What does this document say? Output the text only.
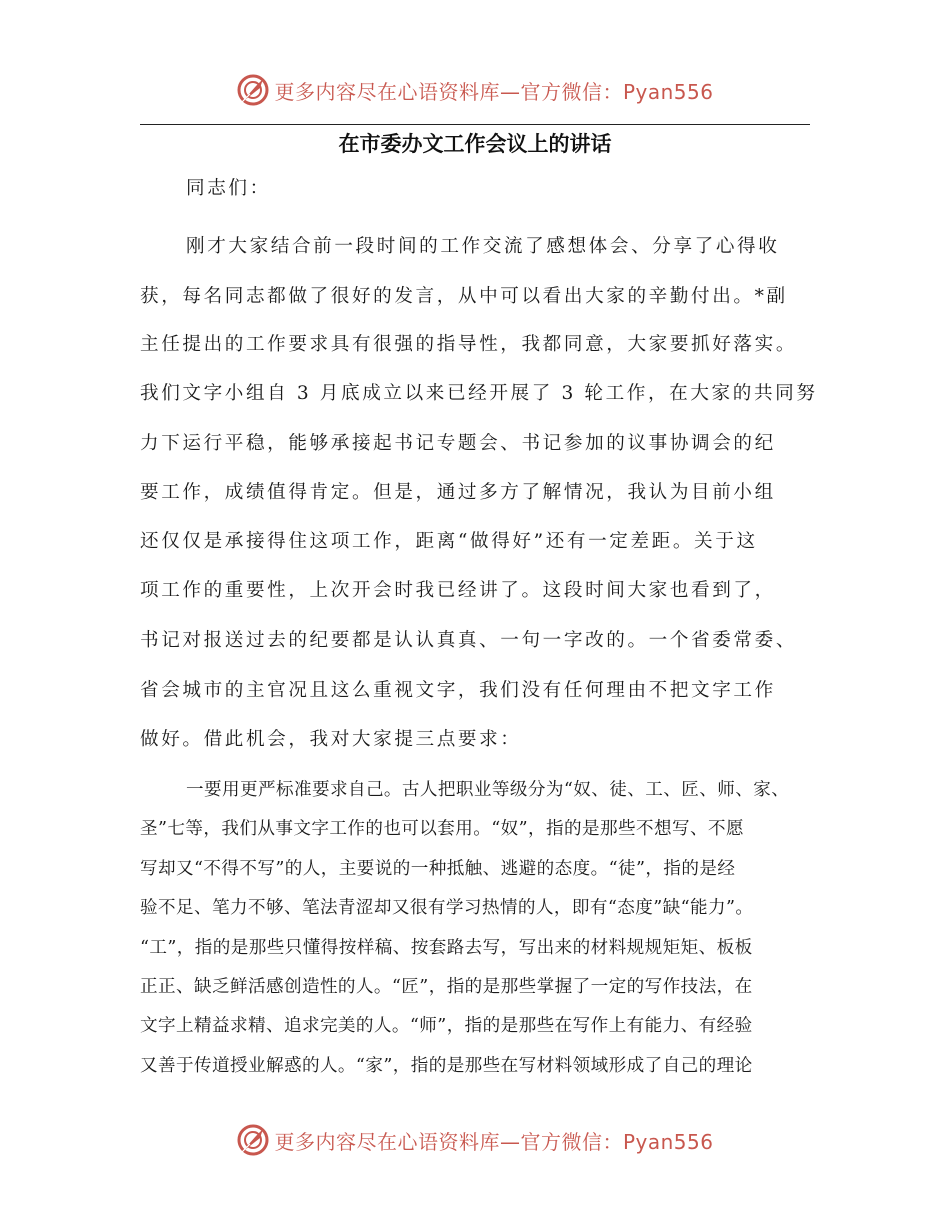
更多内容尽在心语资料库—官方微信：Pyan556
在市委办文工作会议上的讲话
同志们：
刚才大家结合前一段时间的工作交流了感想体会、分享了心得收
获，每名同志都做了很好的发言，从中可以看出大家的辛勤付出。*副
主任提出的工作要求具有很强的指导性，我都同意，大家要抓好落实。
我们文字小组自 3 月底成立以来已经开展了 3 轮工作，在大家的共同努
力下运行平稳，能够承接起书记专题会、书记参加的议事协调会的纪
要工作，成绩值得肯定。但是，通过多方了解情况，我认为目前小组
还仅仅是承接得住这项工作，距离“做得好”还有一定差距。关于这
项工作的重要性，上次开会时我已经讲了。这段时间大家也看到了，
书记对报送过去的纪要都是认认真真、一句一字改的。一个省委常委、
省会城市的主官况且这么重视文字，我们没有任何理由不把文字工作
做好。借此机会，我对大家提三点要求：
一要用更严标准要求自己。古人把职业等级分为“奴、徒、工、匠、师、家、
圣”七等，我们从事文字工作的也可以套用。“奴”，指的是那些不想写、不愿
写却又“不得不写”的人，主要说的一种抵触、逃避的态度。“徒”，指的是经
验不足、笔力不够、笔法青涩却又很有学习热情的人，即有“态度”缺“能力”。
“工”，指的是那些只懂得按样稿、按套路去写，写出来的材料规规矩矩、板板
正正、缺乏鲜活感创造性的人。“匠”，指的是那些掌握了一定的写作技法，在
文字上精益求精、追求完美的人。“师”，指的是那些在写作上有能力、有经验
又善于传道授业解惑的人。“家”，指的是那些在写材料领域形成了自己的理论
更多内容尽在心语资料库—官方微信：Pyan556
